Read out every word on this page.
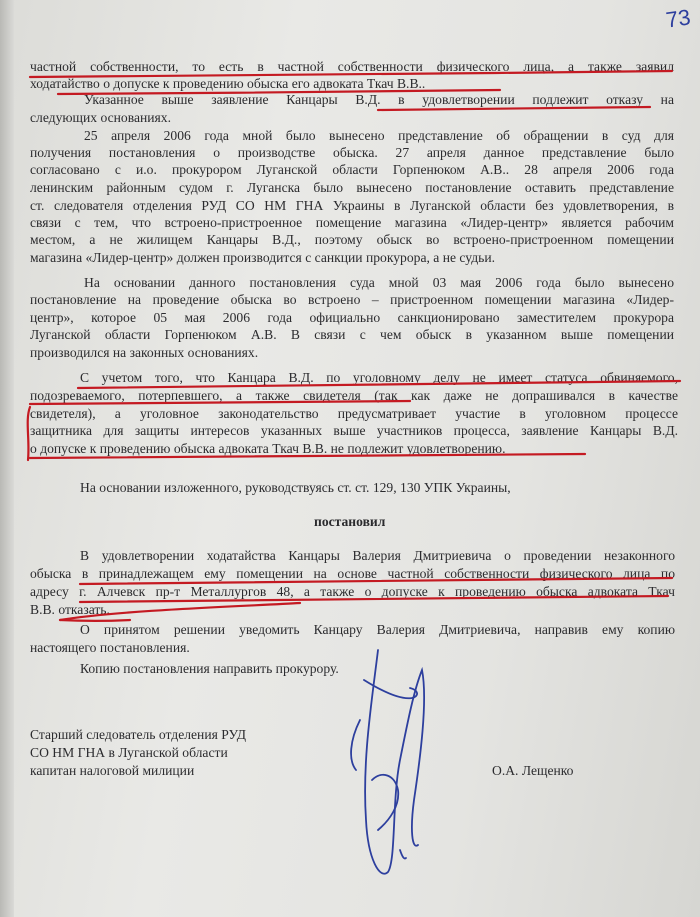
73
частной собственности, то есть в частной собственности физического лица, а также заявил
ходатайство о допуске к проведению обыска его адвоката Ткач В.В..
Указанное выше заявление Канцары В.Д. в удовлетворении подлежит отказу на
следующих основаниях.
25 апреля 2006 года мной было вынесено представление об обращении в суд для
получения постановления о производстве обыска. 27 апреля данное представление было
согласовано с и.о. прокурором Луганской области Горпенюком А.В.. 28 апреля 2006 года
ленинским районным судом г. Луганска было вынесено постановление оставить представление
ст. следователя отделения РУД СО НМ ГНА Украины в Луганской области без удовлетворения, в
связи с тем, что встроено-пристроенное помещение магазина «Лидер-центр» является рабочим
местом, а не жилищем Канцары В.Д., поэтому обыск во встроено-пристроенном помещении
магазина «Лидер-центр» должен производится с санкции прокурора, а не судьи.
На основании данного постановления суда мной 03 мая 2006 года было вынесено
постановление на проведение обыска во встроено – пристроенном помещении магазина «Лидер-
центр», которое 05 мая 2006 года официально санкционировано заместителем прокурора
Луганской области Горпенюком А.В. В связи с чем обыск в указанном выше помещении
производился на законных основаниях.
С учетом того, что Канцара В.Д. по уголовному делу не имеет статуса обвиняемого,
подозреваемого, потерпевшего, а также свидетеля (так как даже не допрашивался в качестве
свидетеля), а уголовное законодательство предусматривает участие в уголовном процессе
защитника для защиты интересов указанных выше участников процесса, заявление Канцары В.Д.
о допуске к проведению обыска адвоката Ткач В.В. не подлежит удовлетворению.
На основании изложенного, руководствуясь ст. ст. 129, 130 УПК Украины,
постановил
В удовлетворении ходатайства Канцары Валерия Дмитриевича о проведении незаконного
обыска в принадлежащем ему помещении на основе частной собственности физического лица по
адресу г. Алчевск пр-т Металлургов 48, а также о допуске к проведению обыска адвоката Ткач
В.В. отказать.
О принятом решении уведомить Канцару Валерия Дмитриевича, направив ему копию
настоящего постановления.
Копию постановления направить прокурору.
Старший следователь отделения РУД
СО НМ ГНА в Луганской области
капитан налоговой милиции	О.А. Лещенко
